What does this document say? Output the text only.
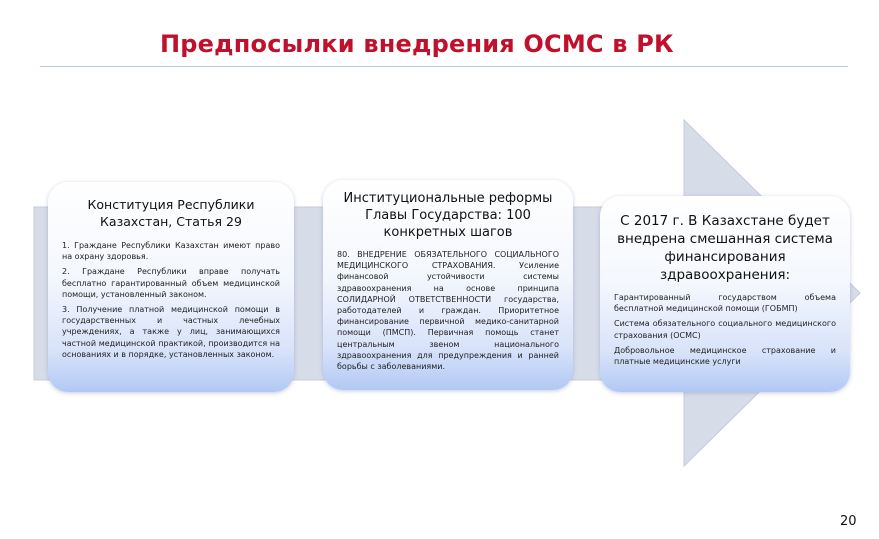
Предпосылки внедрения ОСМС в РК
Конституция Республики Казахстан, Статья 29

1. Граждане Республики Казахстан имеют право на охрану здоровья.

2. Граждане Республики вправе получать бесплатно гарантированный объем медицинской помощи, установленный законом.

3. Получение платной медицинской помощи в государственных и частных лечебных учреждениях, а также у лиц, занимающихся частной медицинской практикой, производится на основаниях и в порядке, установленных законом.

Институциональные реформы Главы Государства: 100 конкретных шагов

80. ВНЕДРЕНИЕ ОБЯЗАТЕЛЬНОГО СОЦИАЛЬНОГО МЕДИЦИНСКОГО СТРАХОВАНИЯ. Усиление финансовой устойчивости системы здравоохранения на основе принципа СОЛИДАРНОЙ ОТВЕТСТВЕННОСТИ государства, работодателей и граждан. Приоритетное финансирование первичной медико-санитарной помощи (ПМСП). Первичная помощь станет центральным звеном национального здравоохранения для предупреждения и ранней борьбы с заболеваниями.

С 2017 г. В Казахстане будет внедрена смешанная система финансирования здравоохранения:

Гарантированный государством объема бесплатной медицинской помощи (ГОБМП)

Система обязательного социального медицинского страхования (ОСМС)

Добровольное медицинское страхование и платные медицинские услуги

20
